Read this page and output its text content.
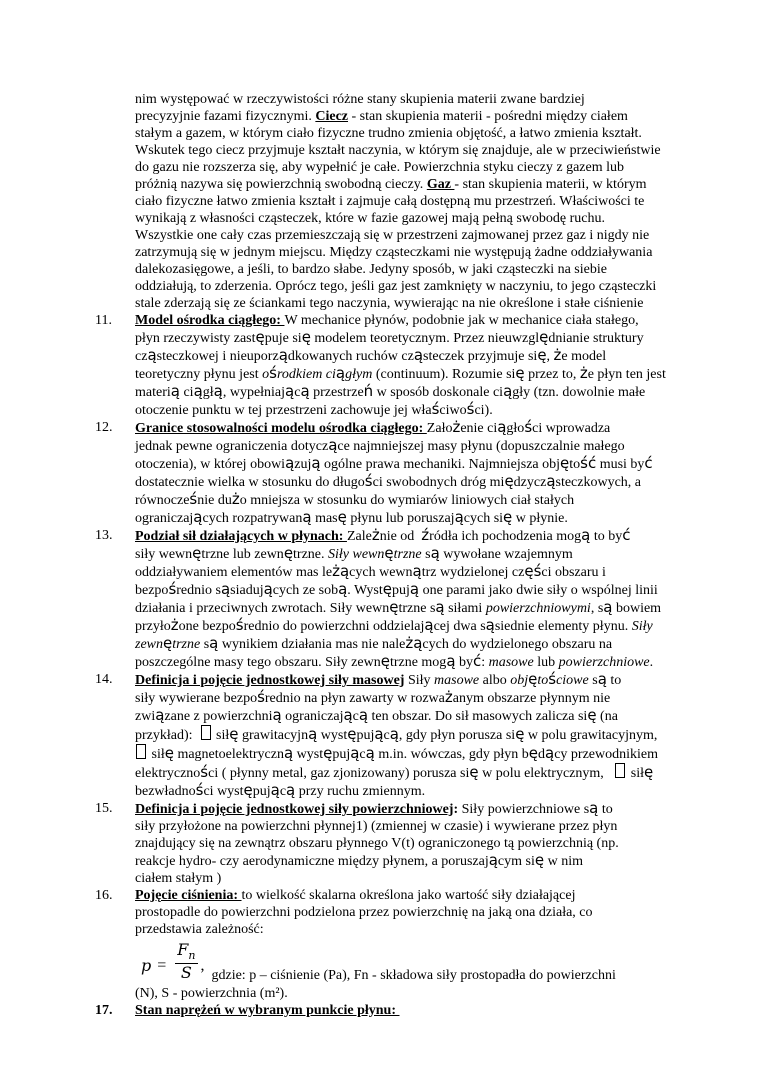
nim występować w rzeczywistości różne stany skupienia materii zwane bardziej
precyzyjnie fazami fizycznymi. Ciecz - stan skupienia materii - pośredni między ciałem
stałym a gazem, w którym ciało fizyczne trudno zmienia objętość, a łatwo zmienia kształt.
Wskutek tego ciecz przyjmuje kształt naczynia, w którym się znajduje, ale w przeciwieństwie
do gazu nie rozszerza się, aby wypełnić je całe. Powierzchnia styku cieczy z gazem lub
próżnią nazywa się powierzchnią swobodną cieczy. Gaz - stan skupienia materii, w którym
ciało fizyczne łatwo zmienia kształt i zajmuje całą dostępną mu przestrzeń. Właściwości te
wynikają z własności cząsteczek, które w fazie gazowej mają pełną swobodę ruchu.
Wszystkie one cały czas przemieszczają się w przestrzeni zajmowanej przez gaz i nigdy nie
zatrzymują się w jednym miejscu. Między cząsteczkami nie występują żadne oddziaływania
dalekozasięgowe, a jeśli, to bardzo słabe. Jedyny sposób, w jaki cząsteczki na siebie
oddziałują, to zderzenia. Oprócz tego, jeśli gaz jest zamknięty w naczyniu, to jego cząsteczki
stale zderzają się ze ściankami tego naczynia, wywierając na nie określone i stałe ciśnienie
11.	Model ośrodka ciągłego: W mechanice płynów, podobnie jak w mechanice ciała stałego,
płyn rzeczywisty zastępuje się modelem teoretycznym. Przez nieuwzględnianie struktury
cząsteczkowej i nieuporządkowanych ruchów cząsteczek przyjmuje się, że model
teoretyczny płynu jest ośrodkiem ciągłym (continuum). Rozumie się przez to, że płyn ten jest
materią ciągłą, wypełniającą przestrzeń w sposób doskonale ciągły (tzn. dowolnie małe
otoczenie punktu w tej przestrzeni zachowuje jej właściwości).
12.	Granice stosowalności modelu ośrodka ciągłego: Założenie ciągłości wprowadza
jednak pewne ograniczenia dotyczące najmniejszej masy płynu (dopuszczalnie małego
otoczenia), w której obowiązują ogólne prawa mechaniki. Najmniejsza objętość musi być
dostatecznie wielka w stosunku do długości swobodnych dróg międzycząsteczkowych, a
równocześnie dużo mniejsza w stosunku do wymiarów liniowych ciał stałych
ograniczających rozpatrywaną masę płynu lub poruszających się w płynie.
13.	Podział sił działających w płynach: Zależnie od  źródła ich pochodzenia mogą to być
siły wewnętrzne lub zewnętrzne. Siły wewnętrzne są wywołane wzajemnym
oddziaływaniem elementów mas leżących wewnątrz wydzielonej części obszaru i
bezpośrednio sąsiadujących ze sobą. Występują one parami jako dwie siły o wspólnej linii
działania i przeciwnych zwrotach. Siły wewnętrzne są siłami powierzchniowymi, są bowiem
przyłożone bezpośrednio do powierzchni oddzielającej dwa sąsiednie elementy płynu. Siły
zewnętrzne są wynikiem działania mas nie należących do wydzielonego obszaru na
poszczególne masy tego obszaru. Siły zewnętrzne mogą być: masowe lub powierzchniowe.
14.	Definicja i pojęcie jednostkowej siły masowej Siły masowe albo objętościowe są to
siły wywierane bezpośrednio na płyn zawarty w rozważanym obszarze płynnym nie
związane z powierzchnią ograniczającą ten obszar. Do sił masowych zalicza się (na
przykład):   siłę grawitacyjną występującą, gdy płyn porusza się w polu grawitacyjnym,
siłę magnetoelektryczną występującą m.in. wówczas, gdy płyn będący przewodnikiem
elektryczności ( płynny metal, gaz zjonizowany) porusza się w polu elektrycznym,    siłę
bezwładności występującą przy ruchu zmiennym.
15.	Definicja i pojęcie jednostkowej siły powierzchniowej: Siły powierzchniowe są to
siły przyłożone na powierzchni płynnej1) (zmiennej w czasie) i wywierane przez płyn
znajdujący się na zewnątrz obszaru płynnego V(t) ograniczonego tą powierzchnią (np.
reakcje hydro- czy aerodynamiczne między płynem, a poruszającym się w nim
ciałem stałym )
16.	Pojęcie ciśnienia: to wielkość skalarna określona jako wartość siły działającej
prostopadle do powierzchni podzielona przez powierzchnię na jaką ona działa, co
przedstawia zależność:
$p = \frac{F_n}{S}$ ,
gdzie: p – ciśnienie (Pa), Fn - składowa siły prostopadła do powierzchni
(N), S - powierzchnia (m²).
17.	Stan naprężeń w wybranym punkcie płynu:
